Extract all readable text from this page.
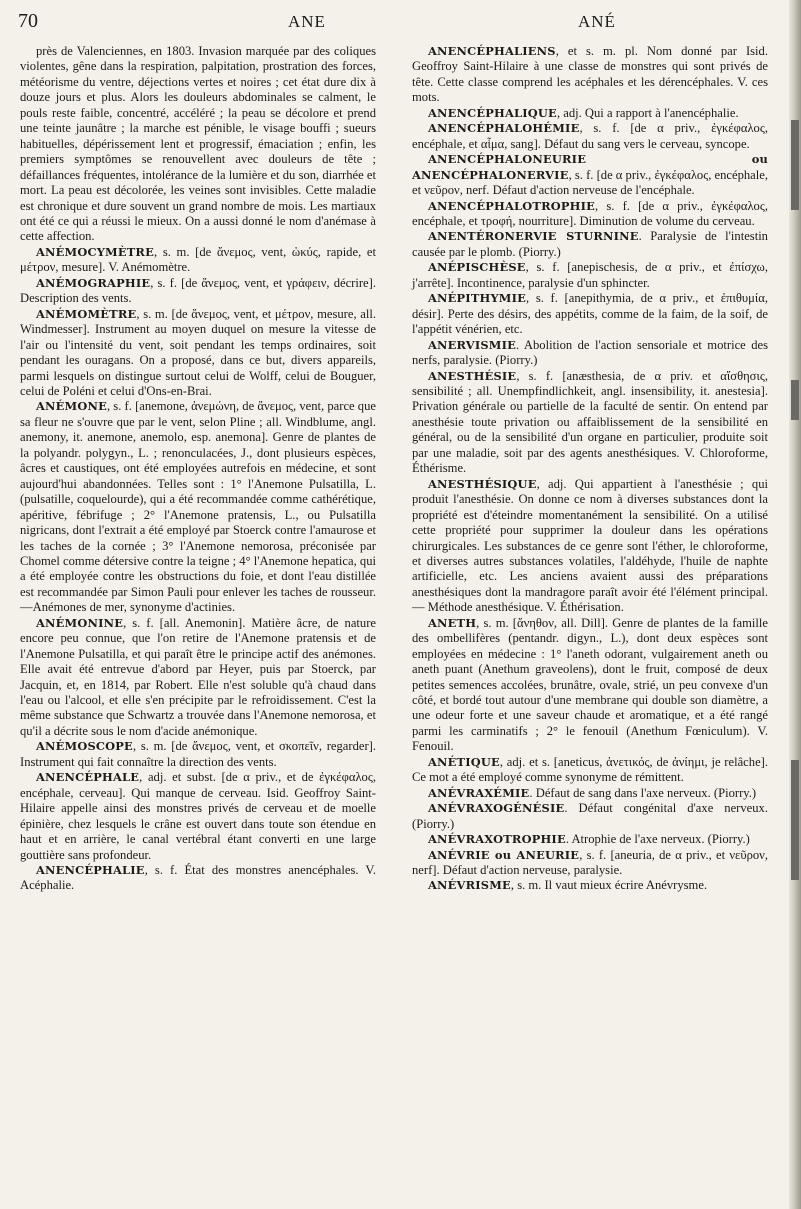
70	ANE	ANÉ

près de Valenciennes, en 1803. Invasion marquée par des coliques violentes, gêne dans la respiration, palpitation, prostration des forces, météorisme du ventre, déjections vertes et noires ; cet état dure dix à douze jours et plus. Alors les douleurs abdominales se calment, le pouls reste faible, concentré, accéléré ; la peau se décolore et prend une teinte jaunâtre ; la marche est pénible, le visage bouffi ; sueurs habituelles, dépérissement lent et progressif, émaciation ; enfin, les premiers symptômes se renouvellent avec douleurs de tête ; défaillances fréquentes, intolérance de la lumière et du son, diarrhée et mort. La peau est décolorée, les veines sont invisibles. Cette maladie est chronique et dure souvent un grand nombre de mois. Les martiaux ont été ce qui a réussi le mieux. On a aussi donné le nom d'anémase à cette affection.

ANÉMOCYMÈTRE, s. m. [de ἄνεμος, vent, ὠκύς, rapide, et μέτρον, mesure]. V. Anémomètre.

ANÉMOGRAPHIE, s. f. [de ἄνεμος, vent, et γράφειν, décrire]. Description des vents.

ANÉMOMÈTRE, s. m. [de ἄνεμος, vent, et μέτρον, mesure, all. Windmesser]. Instrument au moyen duquel on mesure la vitesse de l'air ou l'intensité du vent, soit pendant les temps ordinaires, soit pendant les ouragans. On a proposé, dans ce but, divers appareils, parmi lesquels on distingue surtout celui de Wolff, celui de Bouguer, celui de Poléni et celui d'Ons-en-Brai.

ANÉMONE, s. f. [anemone, ἀνεμώνη, de ἄνεμος, vent, parce que sa fleur ne s'ouvre que par le vent, selon Pline ; all. Windblume, angl. anemony, it. anemone, anemolo, esp. anemona]. Genre de plantes de la polyandr. polygyn., L. ; renonculacées, J., dont plusieurs espèces, âcres et caustiques, ont été employées autrefois en médecine, et sont aujourd'hui abandonnées. Telles sont : 1° l'Anemone Pulsatilla, L. (pulsatille, coquelourde), qui a été recommandée comme cathérétique, apéritive, fébrifuge ; 2° l'Anemone pratensis, L., ou Pulsatilla nigricans, dont l'extrait a été employé par Stoerck contre l'amaurose et les taches de la cornée ; 3° l'Anemone nemorosa, préconisée par Chomel comme détersive contre la teigne ; 4° l'Anemone hepatica, qui a été employée contre les obstructions du foie, et dont l'eau distillée est recommandée par Simon Pauli pour enlever les taches de rousseur. —Anémones de mer, synonyme d'actinies.

ANÉMONINE, s. f. [all. Anemonin]. Matière âcre, de nature encore peu connue, que l'on retire de l'Anemone pratensis et de l'Anemone Pulsatilla, et qui paraît être le principe actif des anémones. Elle avait été entrevue d'abord par Heyer, puis par Stoerck, par Jacquin, et, en 1814, par Robert. Elle n'est soluble qu'à chaud dans l'eau ou l'alcool, et elle s'en précipite par le refroidissement. C'est la même substance que Schwartz a trouvée dans l'Anemone nemorosa, et qu'il a décrite sous le nom d'acide anémonique.

ANÉMOSCOPE, s. m. [de ἄνεμος, vent, et σκοπεῖν, regarder]. Instrument qui fait connaître la direction des vents.

ANENCÉPHALE, adj. et subst. [de α priv., et de ἐγκέφαλος, encéphale, cerveau]. Qui manque de cerveau. Isid. Geoffroy Saint-Hilaire appelle ainsi des monstres privés de cerveau et de moelle épinière, chez lesquels le crâne est ouvert dans toute son étendue en haut et en arrière, le canal vertébral étant converti en une large gouttière sans profondeur.

ANENCÉPHALIE, s. f. État des monstres anencéphales. V. Acéphalie.

ANENCÉPHALIENS, et s. m. pl. Nom donné par Isid. Geoffroy Saint-Hilaire à une classe de monstres qui sont privés de tête. Cette classe comprend les acéphales et les dérencéphales. V. ces mots.

ANENCÉPHALIQUE, adj. Qui a rapport à l'anencéphalie.

ANENCÉPHALOHÉMIE, s. f. [de α priv., ἐγκέφαλος, encéphale, et αἷμα, sang]. Défaut du sang vers le cerveau, syncope.

ANENCÉPHALONEURIE ou ANENCÉPHALONERVIE, s. f. [de α priv., ἐγκέφαλος, encéphale, et νεῦρον, nerf. Défaut d'action nerveuse de l'encéphale.

ANENCÉPHALOTROPHIE, s. f. [de α priv., ἐγκέφαλος, encéphale, et τροφή, nourriture]. Diminution de volume du cerveau.

ANENTÉRONERVIE STURNINE. Paralysie de l'intestin causée par le plomb. (Piorry.)

ANÉPISCHÈSE, s. f. [anepischesis, de α priv., et ἐπίσχω, j'arrête]. Incontinence, paralysie d'un sphincter.

ANÉPITHYMIE, s. f. [anepithymia, de α priv., et ἐπιθυμία, désir]. Perte des désirs, des appétits, comme de la faim, de la soif, de l'appétit vénérien, etc.

ANERVISMIE. Abolition de l'action sensoriale et motrice des nerfs, paralysie. (Piorry.)

ANESTHÉSIE, s. f. [anæsthesia, de α priv. et αἴσθησις, sensibilité ; all. Unempfindlichkeit, angl. insensibility, it. anestesia]. Privation générale ou partielle de la faculté de sentir. On entend par anesthésie toute privation ou affaiblissement de la sensibilité en général, ou de la sensibilité d'un organe en particulier, produite soit par une maladie, soit par des agents anesthésiques. V. Chloroforme, Éthérisme.

ANESTHÉSIQUE, adj. Qui appartient à l'anesthésie ; qui produit l'anesthésie. On donne ce nom à diverses substances dont la propriété est d'éteindre momentanément la sensibilité. On a utilisé cette propriété pour supprimer la douleur dans les opérations chirurgicales. Les substances de ce genre sont l'éther, le chloroforme, et diverses autres substances volatiles, l'aldéhyde, l'huile de naphte artificielle, etc. Les anciens avaient aussi des préparations anesthésiques dont la mandragore paraît avoir été l'élément principal. — Méthode anesthésique. V. Éthérisation.

ANETH, s. m. [ἄνηθον, all. Dill]. Genre de plantes de la famille des ombellifères (pentandr. digyn., L.), dont deux espèces sont employées en médecine : 1° l'aneth odorant, vulgairement aneth ou aneth puant (Anethum graveolens), dont le fruit, composé de deux petites semences accolées, brunâtre, ovale, strié, un peu convexe d'un côté, et bordé tout autour d'une membrane qui double son diamètre, a une odeur forte et une saveur chaude et aromatique, et a été rangé parmi les carminatifs ; 2° le fenouil (Anethum Fœniculum). V. Fenouil.

ANÉTIQUE, adj. et s. [aneticus, ἀνετικός, de ἀνίημι, je relâche]. Ce mot a été employé comme synonyme de rémittent.

ANÉVRAXÉMIE. Défaut de sang dans l'axe nerveux. (Piorry.)

ANÉVRAXOGÉNÉSIE. Défaut congénital d'axe nerveux. (Piorry.)

ANÉVRAXOTROPHIE. Atrophie de l'axe nerveux. (Piorry.)

ANÉVRIE ou ANEURIE, s. f. [aneuria, de α priv., et νεῦρον, nerf]. Défaut d'action nerveuse, paralysie.

ANÉVRISME, s. m. Il vaut mieux écrire Anévrysme.
